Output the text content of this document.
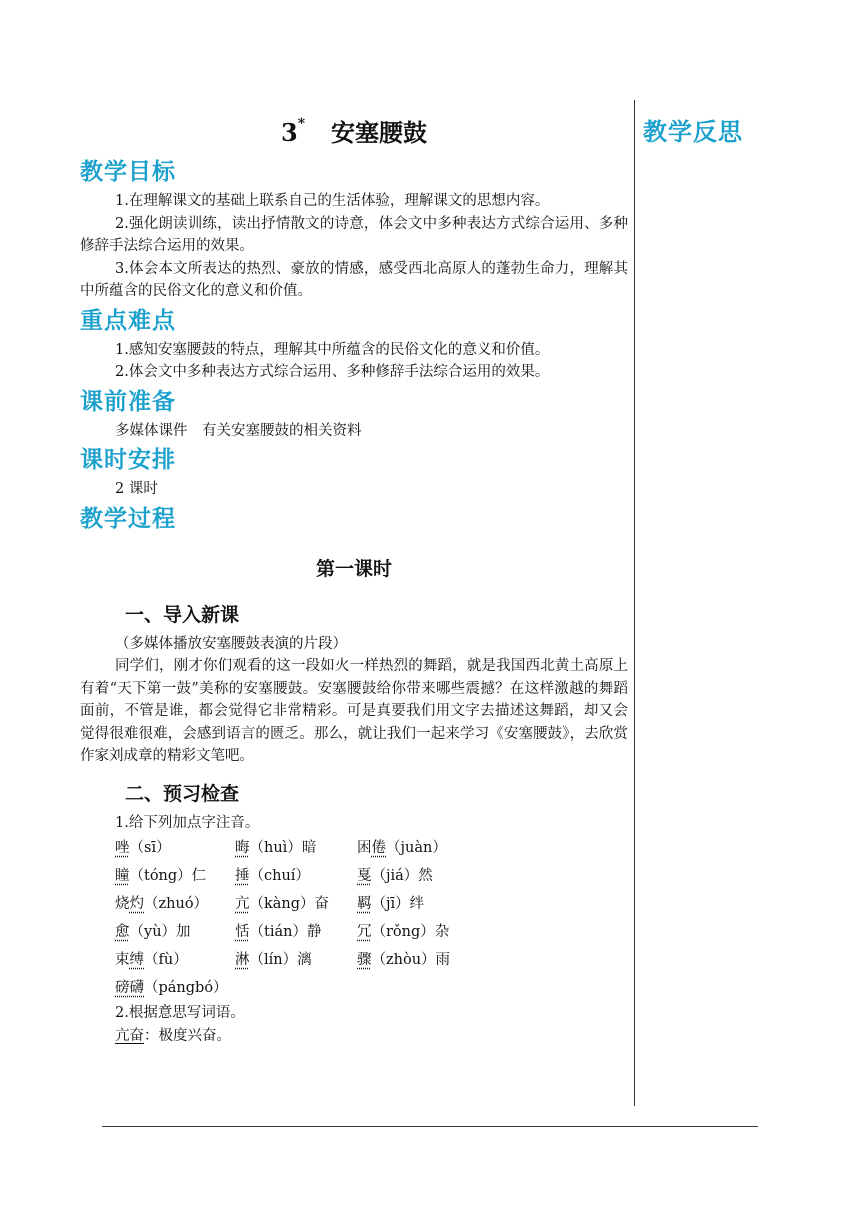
教学反思
3* 安塞腰鼓
教学目标

1.在理解课文的基础上联系自己的生活体验，理解课文的思想内容。

2.强化朗读训练，读出抒情散文的诗意，体会文中多种表达方式综合运用、多种修辞手法综合运用的效果。

3.体会本文所表达的热烈、豪放的情感，感受西北高原人的蓬勃生命力，理解其中所蕴含的民俗文化的意义和价值。

重点难点

1.感知安塞腰鼓的特点，理解其中所蕴含的民俗文化的意义和价值。

2.体会文中多种表达方式综合运用、多种修辞手法综合运用的效果。

课前准备

多媒体课件　有关安塞腰鼓的相关资料

课时安排

2 课时

教学过程
第一课时
一、导入新课

（多媒体播放安塞腰鼓表演的片段）

同学们，刚才你们观看的这一段如火一样热烈的舞蹈，就是我国西北黄土高原上有着“天下第一鼓”美称的安塞腰鼓。安塞腰鼓给你带来哪些震撼？在这样激越的舞蹈面前，不管是谁，都会觉得它非常精彩。可是真要我们用文字去描述这舞蹈，却又会觉得很难很难，会感到语言的匮乏。那么，就让我们一起来学习《安塞腰鼓》，去欣赏作家刘成章的精彩文笔吧。

二、预习检查

1.给下列加点字注音。

唑（sī）	晦（huì）暗	困倦（juàn）
瞳（tóng）仁 捶（chuí）	戛（jiá）然
烧灼（zhuó） 亢（kàng）奋 羁（jī）绊
愈（yù）加	恬（tián）静 冗（rǒng）杂
束缚（fù）	淋（lín）漓	骤（zhòu）雨
磅礴（pángbó）

2.根据意思写词语。

亢奋：极度兴奋。
